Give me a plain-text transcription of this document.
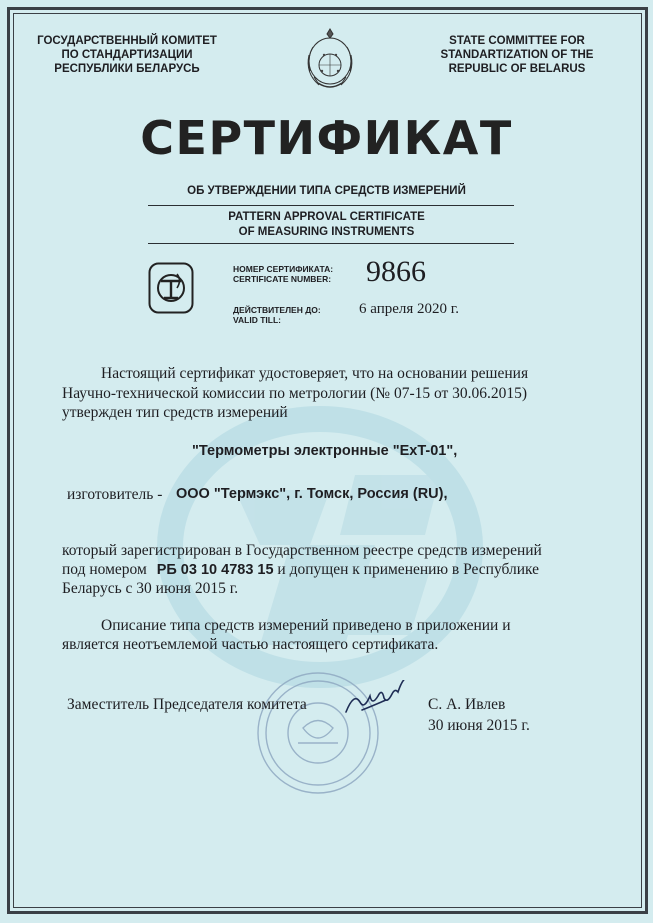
ГОСУДАРСТВЕННЫЙ КОМИТЕТ
ПО СТАНДАРТИЗАЦИИ
РЕСПУБЛИКИ БЕЛАРУСЬ
STATE COMMITTEE FOR
STANDARTIZATION OF THE
REPUBLIC OF BELARUS
СЕРТИФИКАТ
ОБ УТВЕРЖДЕНИИ ТИПА СРЕДСТВ ИЗМЕРЕНИЙ
PATTERN APPROVAL CERTIFICATE
OF MEASURING INSTRUMENTS
НОМЕР СЕРТИФИКАТА:
CERTIFICATE NUMBER: 9866
ДЕЙСТВИТЕЛЕН ДО:
VALID TILL:
6 апреля 2020 г.
Настоящий сертификат удостоверяет, что на основании решения
Научно-технической комиссии по метрологии (№ 07-15 от 30.06.2015)
утвержден тип средств измерений
"Термометры электронные "ExT-01",
изготовитель - ООО "Термэкс", г. Томск, Россия (RU),
который зарегистрирован в Государственном реестре средств измерений
под номером РБ 03 10 4783 15 и допущен к применению в Республике
Беларусь с 30 июня 2015 г.
Описание типа средств измерений приведено в приложении и
является неотъемлемой частью настоящего сертификата.
Заместитель Председателя комитета	С. А. Ивлев
30 июня 2015 г.
